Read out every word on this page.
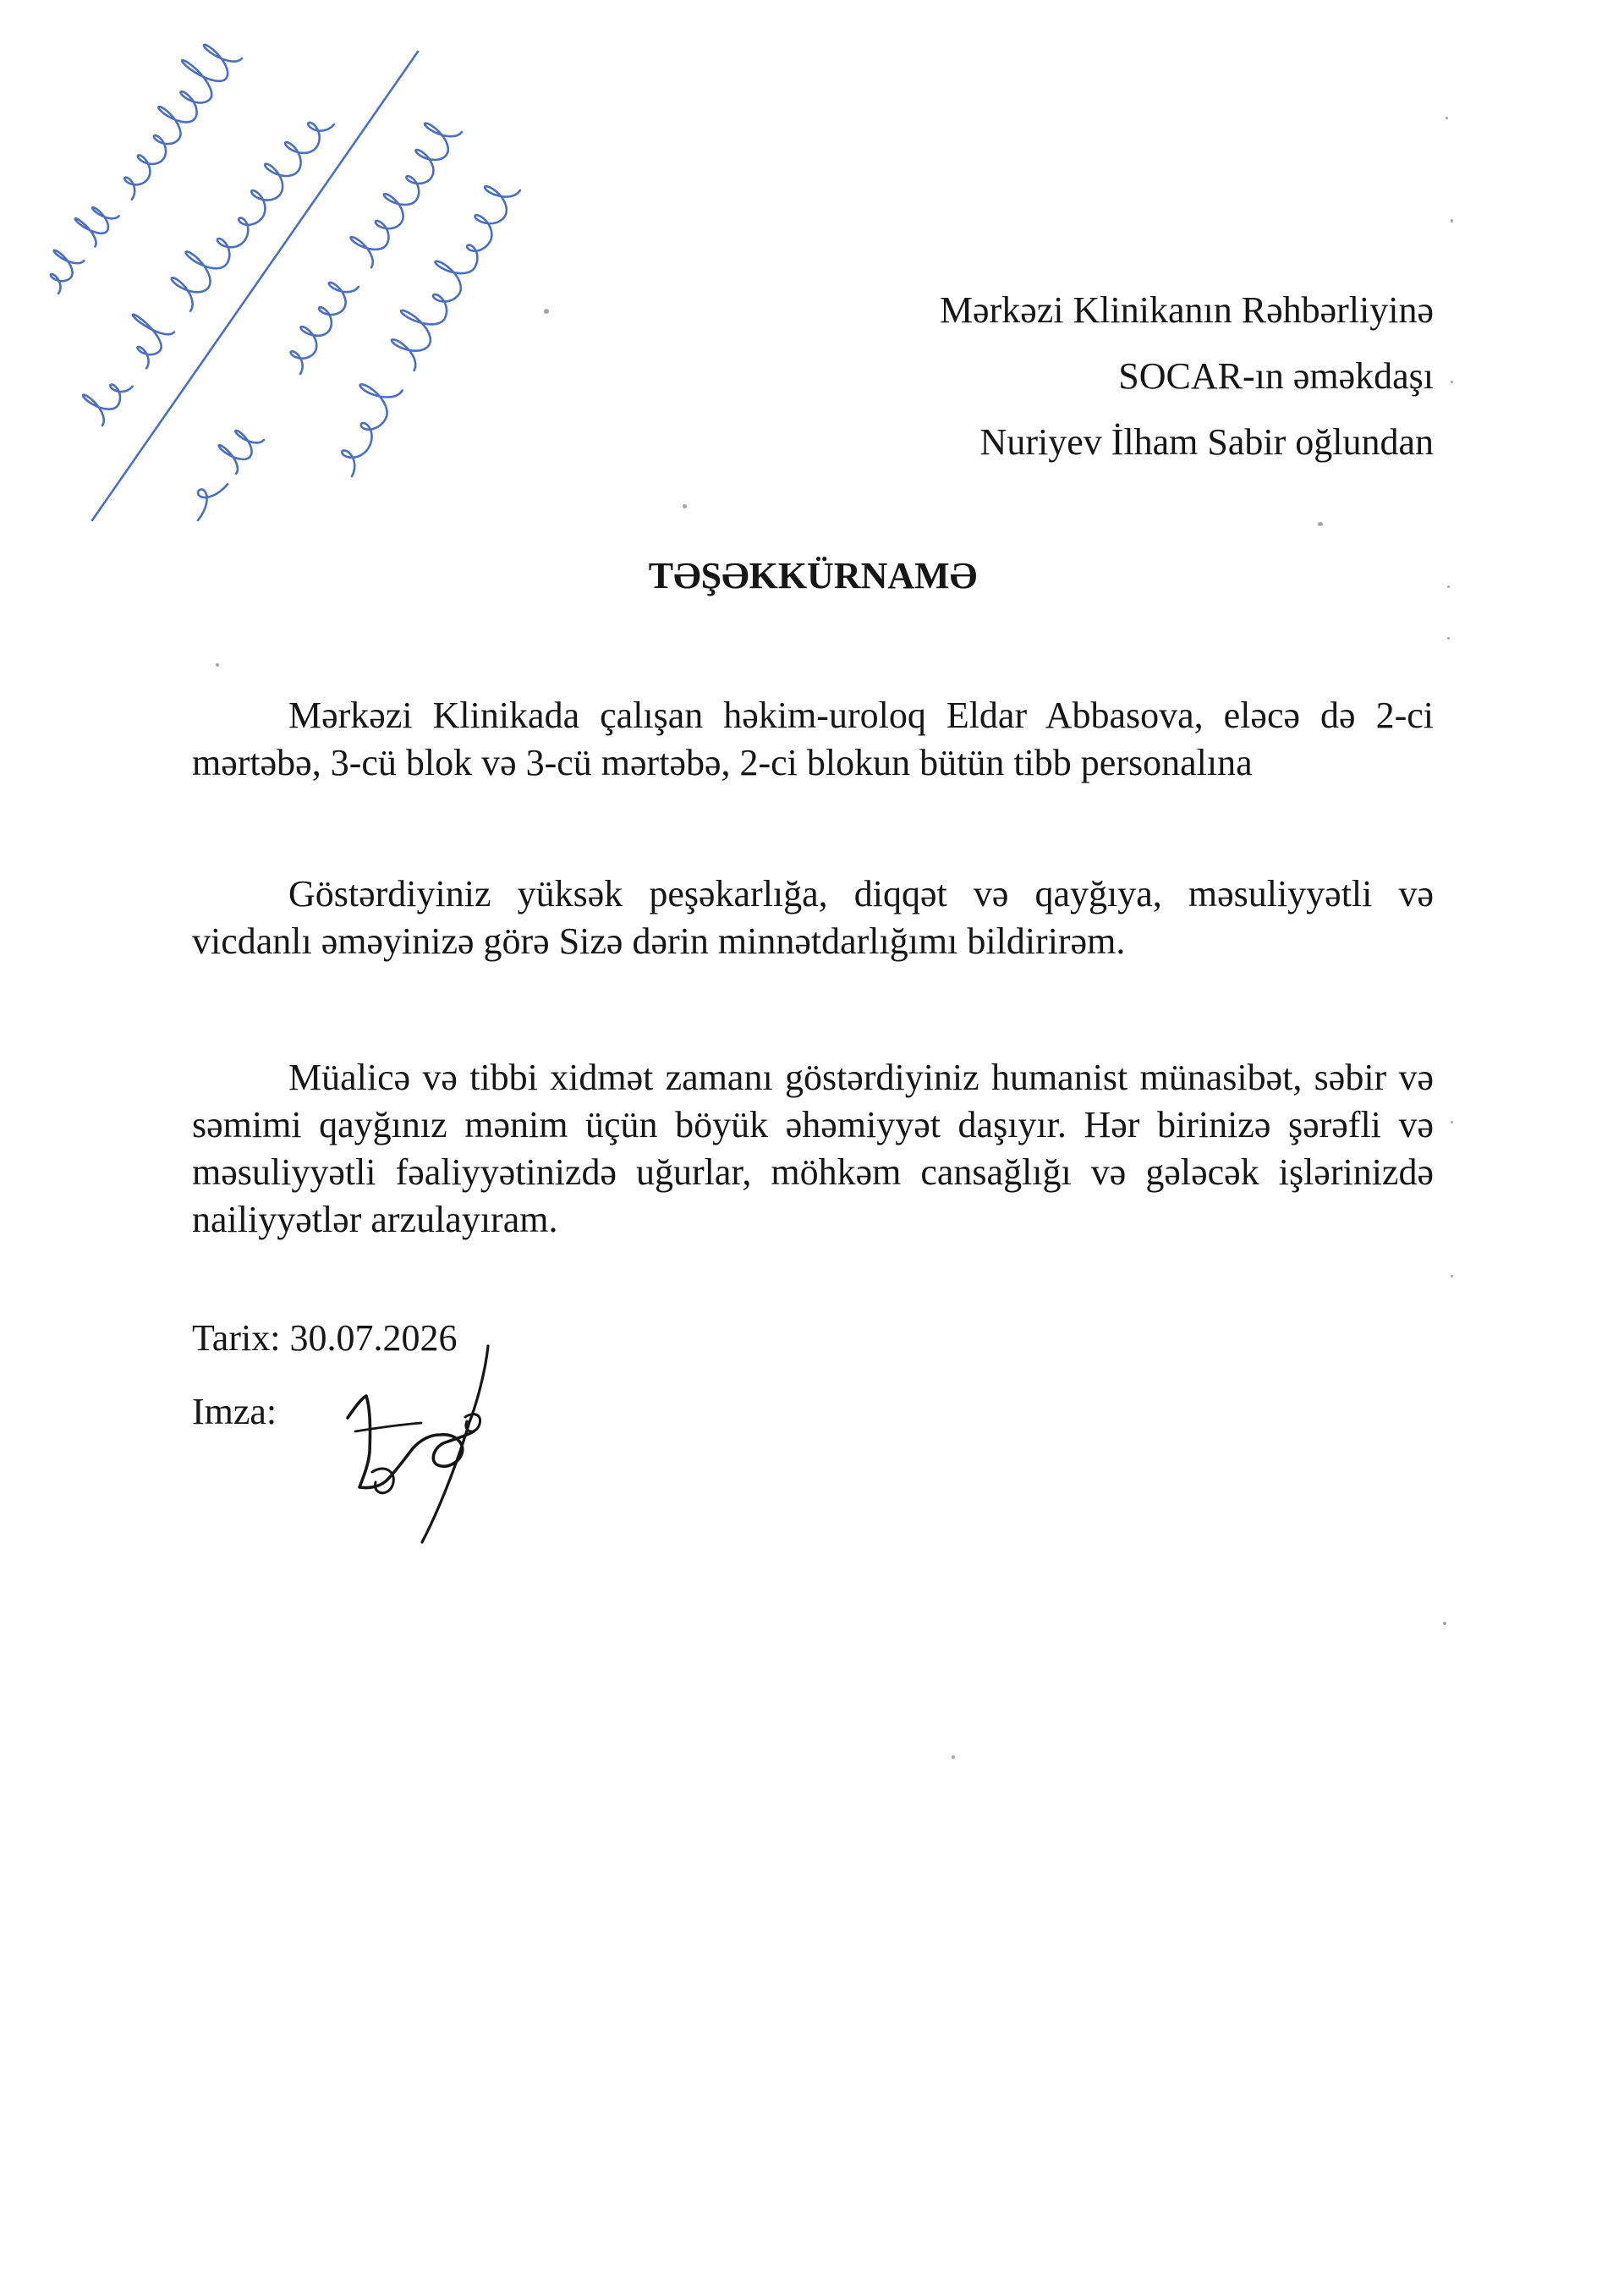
Mərkəzi Klinikanın Rəhbərliyinə
SOCAR-ın əməkdaşı
Nuriyev İlham Sabir oğlundan
TƏŞƏKKÜRNAMƏ

Mərkəzi Klinikada çalışan həkim-uroloq Eldar Abbasova, eləcə də 2-ci mərtəbə, 3-cü blok və 3-cü mərtəbə, 2-ci blokun bütün tibb personalına

Göstərdiyiniz yüksək peşəkarlığa, diqqət və qayğıya, məsuliyyətli və vicdanlı əməyinizə görə Sizə dərin minnətdarlığımı bildirirəm.

Müalicə və tibbi xidmət zamanı göstərdiyiniz humanist münasibət, səbir və səmimi qayğınız mənim üçün böyük əhəmiyyət daşıyır. Hər birinizə şərəfli və məsuliyyətli fəaliyyətinizdə uğurlar, möhkəm cansağlığı və gələcək işlərinizdə nailiyyətlər arzulayıram.

Tarix: 30.07.2026
Imza:
